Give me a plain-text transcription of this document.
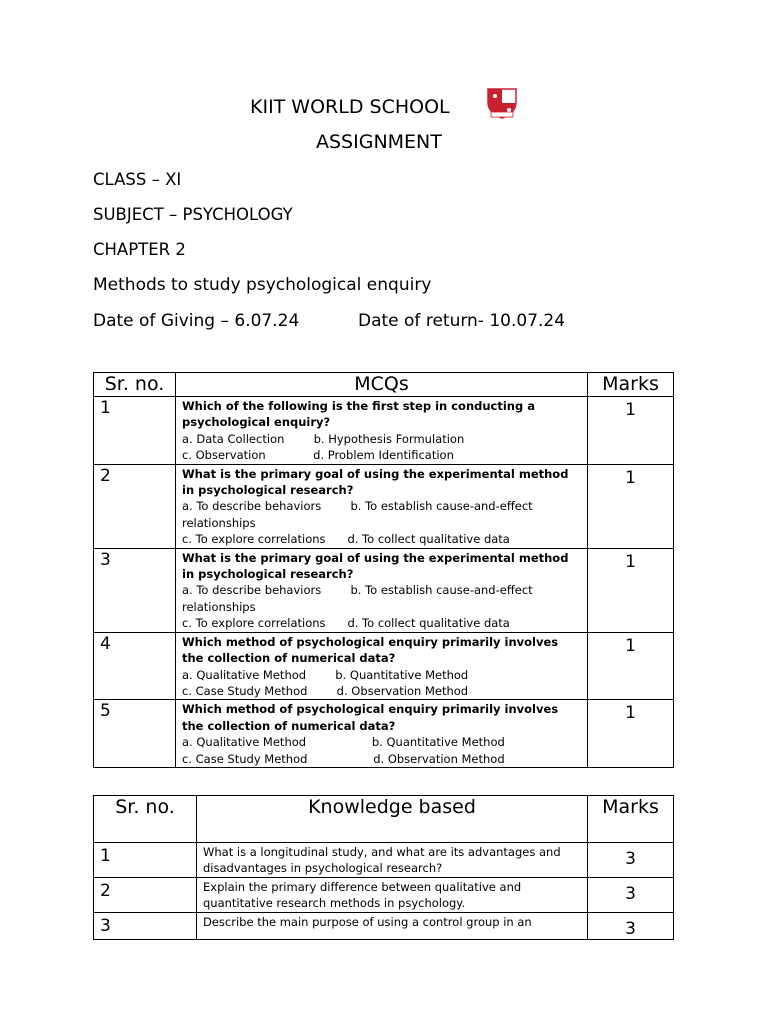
KIIT WORLD SCHOOL
ASSIGNMENT
CLASS – XI
SUBJECT – PSYCHOLOGY
CHAPTER 2
Methods to study psychological enquiry
Date of Giving – 6.07.24	Date of return- 10.07.24
Sr. no.	MCQs	Marks
1	Which of the following is the first step in conducting a psychological enquiry?
a. Data Collection        b. Hypothesis Formulation
c. Observation             d. Problem Identification	1
2	What is the primary goal of using the experimental method in psychological research?
a. To describe behaviors        b. To establish cause-and-effect relationships
c. To explore correlations      d. To collect qualitative data	1
3	What is the primary goal of using the experimental method in psychological research?
a. To describe behaviors        b. To establish cause-and-effect relationships
c. To explore correlations      d. To collect qualitative data	1
4	Which method of psychological enquiry primarily involves the collection of numerical data?
a. Qualitative Method        b. Quantitative Method
c. Case Study Method        d. Observation Method	1
5	Which method of psychological enquiry primarily involves the collection of numerical data?
a. Qualitative Method                  b. Quantitative Method
c. Case Study Method                  d. Observation Method	1
Sr. no.	Knowledge based	Marks
1	What is a longitudinal study, and what are its advantages and disadvantages in psychological research?	3
2	Explain the primary difference between qualitative and quantitative research methods in psychology.	3
3	Describe the main purpose of using a control group in an	3
